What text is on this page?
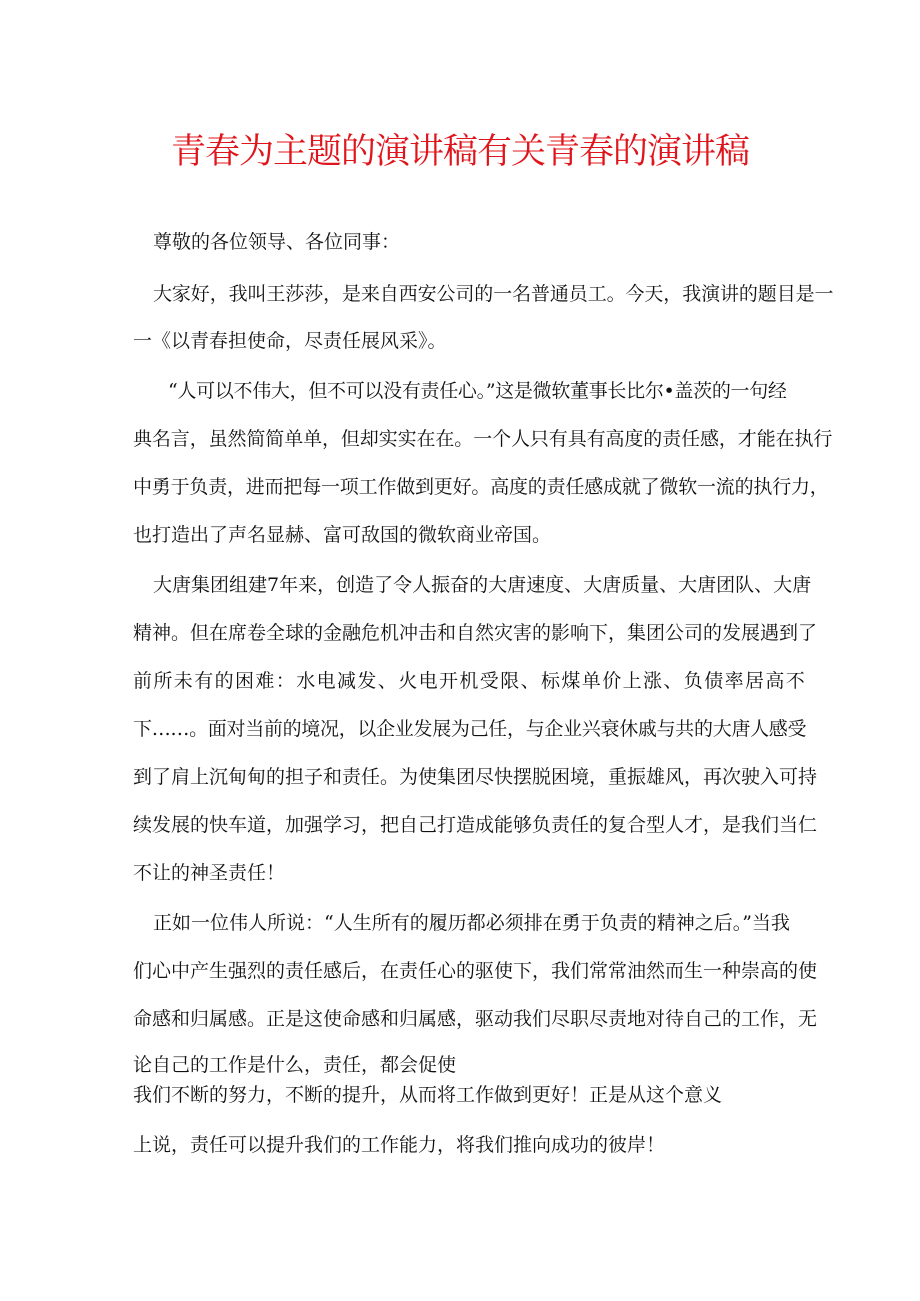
青春为主题的演讲稿有关青春的演讲稿
尊敬的各位领导、各位同事：
大家好，我叫王莎莎，是来自西安公司的一名普通员工。今天，我演讲的题目是一
一《以青春担使命，尽责任展风采》。
“人可以不伟大，但不可以没有责任心。”这是微软董事长比尔•盖茨的一句经
典名言，虽然简简单单，但却实实在在。一个人只有具有高度的责任感，才能在执行
中勇于负责，进而把每一项工作做到更好。高度的责任感成就了微软一流的执行力，
也打造出了声名显赫、富可敌国的微软商业帝国。
大唐集团组建7年来，创造了令人振奋的大唐速度、大唐质量、大唐团队、大唐
精神。但在席卷全球的金融危机冲击和自然灾害的影响下，集团公司的发展遇到了
前所未有的困难：水电减发、火电开机受限、标煤单价上涨、负债率居高不
下……。面对当前的境况，以企业发展为己任，与企业兴衰休戚与共的大唐人感受
到了肩上沉甸甸的担子和责任。为使集团尽快摆脱困境，重振雄风，再次驶入可持
续发展的快车道，加强学习，把自己打造成能够负责任的复合型人才，是我们当仁
不让的神圣责任！
正如一位伟人所说：“人生所有的履历都必须排在勇于负责的精神之后。”当我
们心中产生强烈的责任感后，在责任心的驱使下，我们常常油然而生一种崇高的使
命感和归属感。正是这使命感和归属感，驱动我们尽职尽责地对待自己的工作，无
论自己的工作是什么，责任，都会促使
我们不断的努力，不断的提升，从而将工作做到更好！正是从这个意义
上说，责任可以提升我们的工作能力，将我们推向成功的彼岸！
